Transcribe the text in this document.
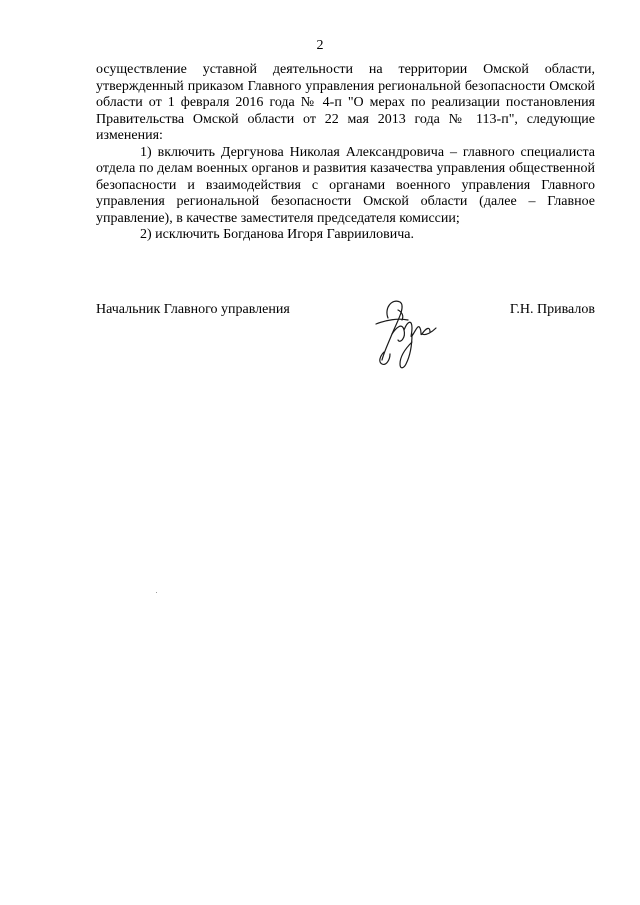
2

осуществление уставной деятельности на территории Омской области, утвержденный приказом Главного управления региональной безопасности Омской области от 1 февраля 2016 года № 4-п "О мерах по реализации постановления Правительства Омской области от 22 мая 2013 года № 113-п", следующие изменения:

1) включить Дергунова Николая Александровича – главного специалиста отдела по делам военных органов и развития казачества управления общественной безопасности и взаимодействия с органами военного управления Главного управления региональной безопасности Омской области (далее – Главное управление), в качестве заместителя председателя комиссии;

2) исключить Богданова Игоря Гаврииловича.

Начальник Главного управления	Г.Н. Привалов
